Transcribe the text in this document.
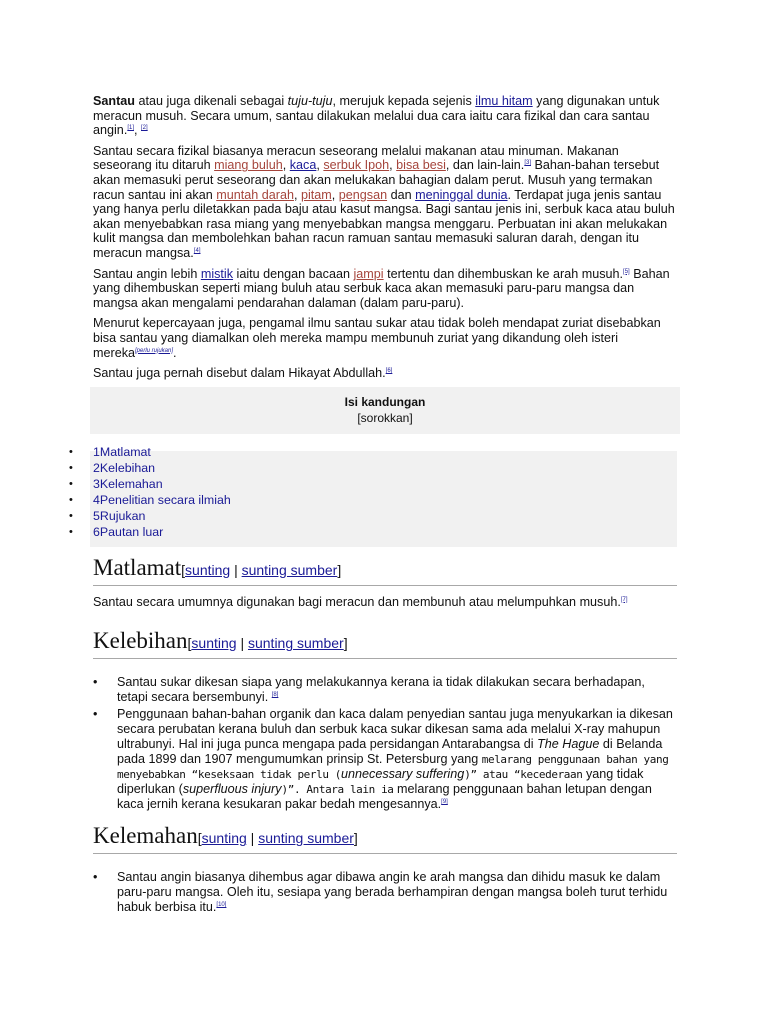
Santau atau juga dikenali sebagai tuju-tuju, merujuk kepada sejenis ilmu hitam yang digunakan untuk meracun musuh. Secara umum, santau dilakukan melalui dua cara iaitu cara fizikal dan cara santau angin.[1], [2]

Santau secara fizikal biasanya meracun seseorang melalui makanan atau minuman. Makanan seseorang itu ditaruh miang buluh, kaca, serbuk Ipoh, bisa besi, dan lain-lain.[3] Bahan-bahan tersebut akan memasuki perut seseorang dan akan melukakan bahagian dalam perut. Musuh yang termakan racun santau ini akan muntah darah, pitam, pengsan dan meninggal dunia. Terdapat juga jenis santau yang hanya perlu diletakkan pada baju atau kasut mangsa. Bagi santau jenis ini, serbuk kaca atau buluh akan menyebabkan rasa miang yang menyebabkan mangsa menggaru. Perbuatan ini akan melukakan kulit mangsa dan membolehkan bahan racun ramuan santau memasuki saluran darah, dengan itu meracun mangsa.[4]

Santau angin lebih mistik iaitu dengan bacaan jampi tertentu dan dihembuskan ke arah musuh.[5] Bahan yang dihembuskan seperti miang buluh atau serbuk kaca akan memasuki paru-paru mangsa dan mangsa akan mengalami pendarahan dalaman (dalam paru-paru).

Menurut kepercayaan juga, pengamal ilmu santau sukar atau tidak boleh mendapat zuriat disebabkan bisa santau yang diamalkan oleh mereka mampu membunuh zuriat yang dikandung oleh isteri mereka[perlu rujukan].

Santau juga pernah disebut dalam Hikayat Abdullah.[6]

Isi kandungan
[sorokkan]
• 1Matlamat
• 2Kelebihan
• 3Kelemahan
• 4Penelitian secara ilmiah
• 5Rujukan
• 6Pautan luar
Matlamat[sunting | sunting sumber]

Santau secara umumnya digunakan bagi meracun dan membunuh atau melumpuhkan musuh.[7]

Kelebihan[sunting | sunting sumber]
• Santau sukar dikesan siapa yang melakukannya kerana ia tidak dilakukan secara berhadapan, tetapi secara bersembunyi. [8]
• Penggunaan bahan-bahan organik dan kaca dalam penyedian santau juga menyukarkan ia dikesan secara perubatan kerana buluh dan serbuk kaca sukar dikesan sama ada melalui X-ray mahupun ultrabunyi. Hal ini juga punca mengapa pada persidangan Antarabangsa di The Hague di Belanda pada 1899 dan 1907 mengumumkan prinsip St. Petersburg yang melarang penggunaan bahan yang menyebabkan “keseksaan tidak perlu (unnecessary suffering)” atau “kecederaan yang tidak diperlukan (superfluous injury)”. Antara lain ia melarang penggunaan bahan letupan dengan kaca jernih kerana kesukaran pakar bedah mengesannya.[9]
Kelemahan[sunting | sunting sumber]
• Santau angin biasanya dihembus agar dibawa angin ke arah mangsa dan dihidu masuk ke dalam paru-paru mangsa. Oleh itu, sesiapa yang berada berhampiran dengan mangsa boleh turut terhidu habuk berbisa itu.[10]
